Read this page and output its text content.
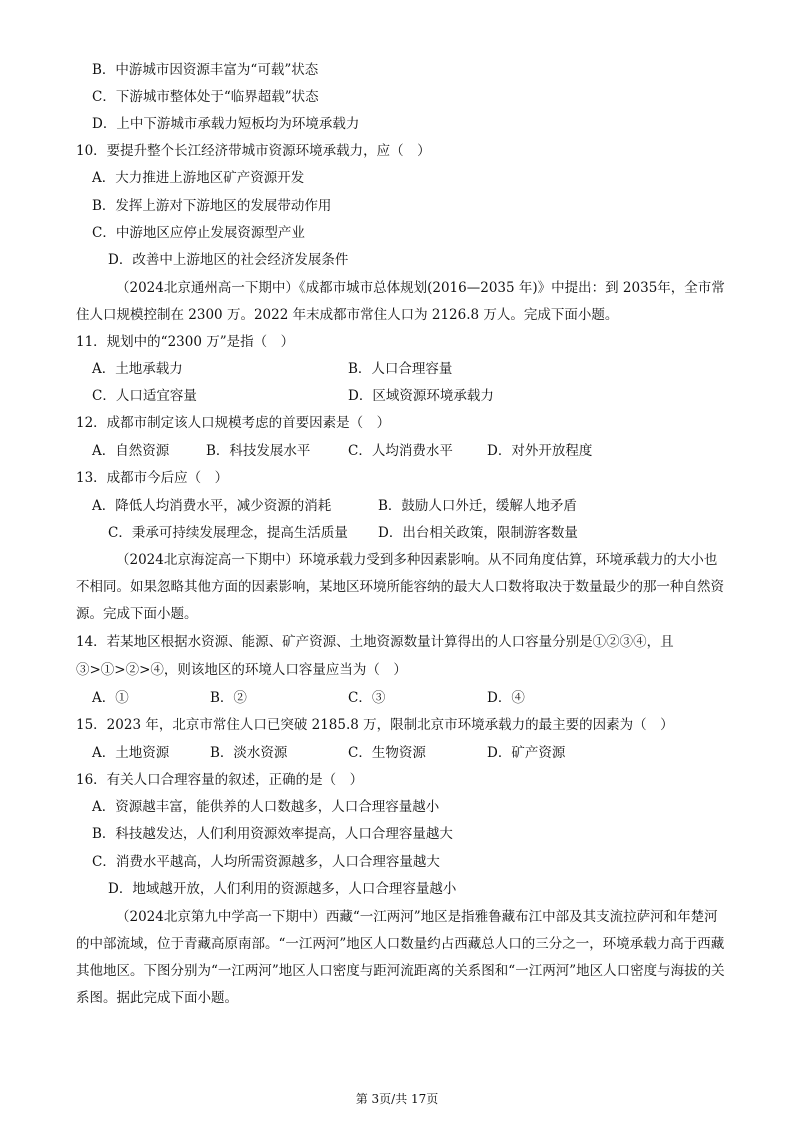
B．中游城市因资源丰富为“可载”状态
C．下游城市整体处于“临界超载”状态
D．上中下游城市承载力短板均为环境承载力
10．要提升整个长江经济带城市资源环境承载力，应（　）
A．大力推进上游地区矿产资源开发
B．发挥上游对下游地区的发展带动作用
C．中游地区应停止发展资源型产业
D．改善中上游地区的社会经济发展条件
（2024北京通州高一下期中）《成都市城市总体规划(2016—2035 年)》中提出：到 2035年，全市常住人口规模控制在 2300 万。2022 年末成都市常住人口为 2126.8 万人。完成下面小题。
11．规划中的“2300 万”是指（　）
A．土地承载力	B．人口合理容量
C．人口适宜容量	D．区域资源环境承载力
12．成都市制定该人口规模考虑的首要因素是（　）
A．自然资源	B．科技发展水平	C．人均消费水平	D．对外开放程度
13．成都市今后应（　）
A．降低人均消费水平，减少资源的消耗	B．鼓励人口外迁，缓解人地矛盾
C．秉承可持续发展理念，提高生活质量 D．出台相关政策，限制游客数量
（2024北京海淀高一下期中）环境承载力受到多种因素影响。从不同角度估算，环境承载力的大小也不相同。如果忽略其他方面的因素影响，某地区环境所能容纳的最大人口数将取决于数量最少的那一种自然资源。完成下面小题。
14．若某地区根据水资源、能源、矿产资源、土地资源数量计算得出的人口容量分别是①②③④，且
③>①>②>④，则该地区的环境人口容量应当为（　）
A．①	B．②	C．③	D．④
15．2023 年，北京市常住人口已突破 2185.8 万，限制北京市环境承载力的最主要的因素为（　）
A．土地资源	B．淡水资源	C．生物资源	D．矿产资源
16．有关人口合理容量的叙述，正确的是（　）
A．资源越丰富，能供养的人口数越多，人口合理容量越小
B．科技越发达，人们利用资源效率提高，人口合理容量越大
C．消费水平越高，人均所需资源越多，人口合理容量越大
D．地域越开放，人们利用的资源越多，人口合理容量越小
（2024北京第九中学高一下期中）西藏“一江两河”地区是指雅鲁藏布江中部及其支流拉萨河和年楚河的中部流域，位于青藏高原南部。“一江两河”地区人口数量约占西藏总人口的三分之一，环境承载力高于西藏其他地区。下图分别为“一江两河”地区人口密度与距河流距离的关系图和“一江两河”地区人口密度与海拔的关系图。据此完成下面小题。
第 3页/共 17页
